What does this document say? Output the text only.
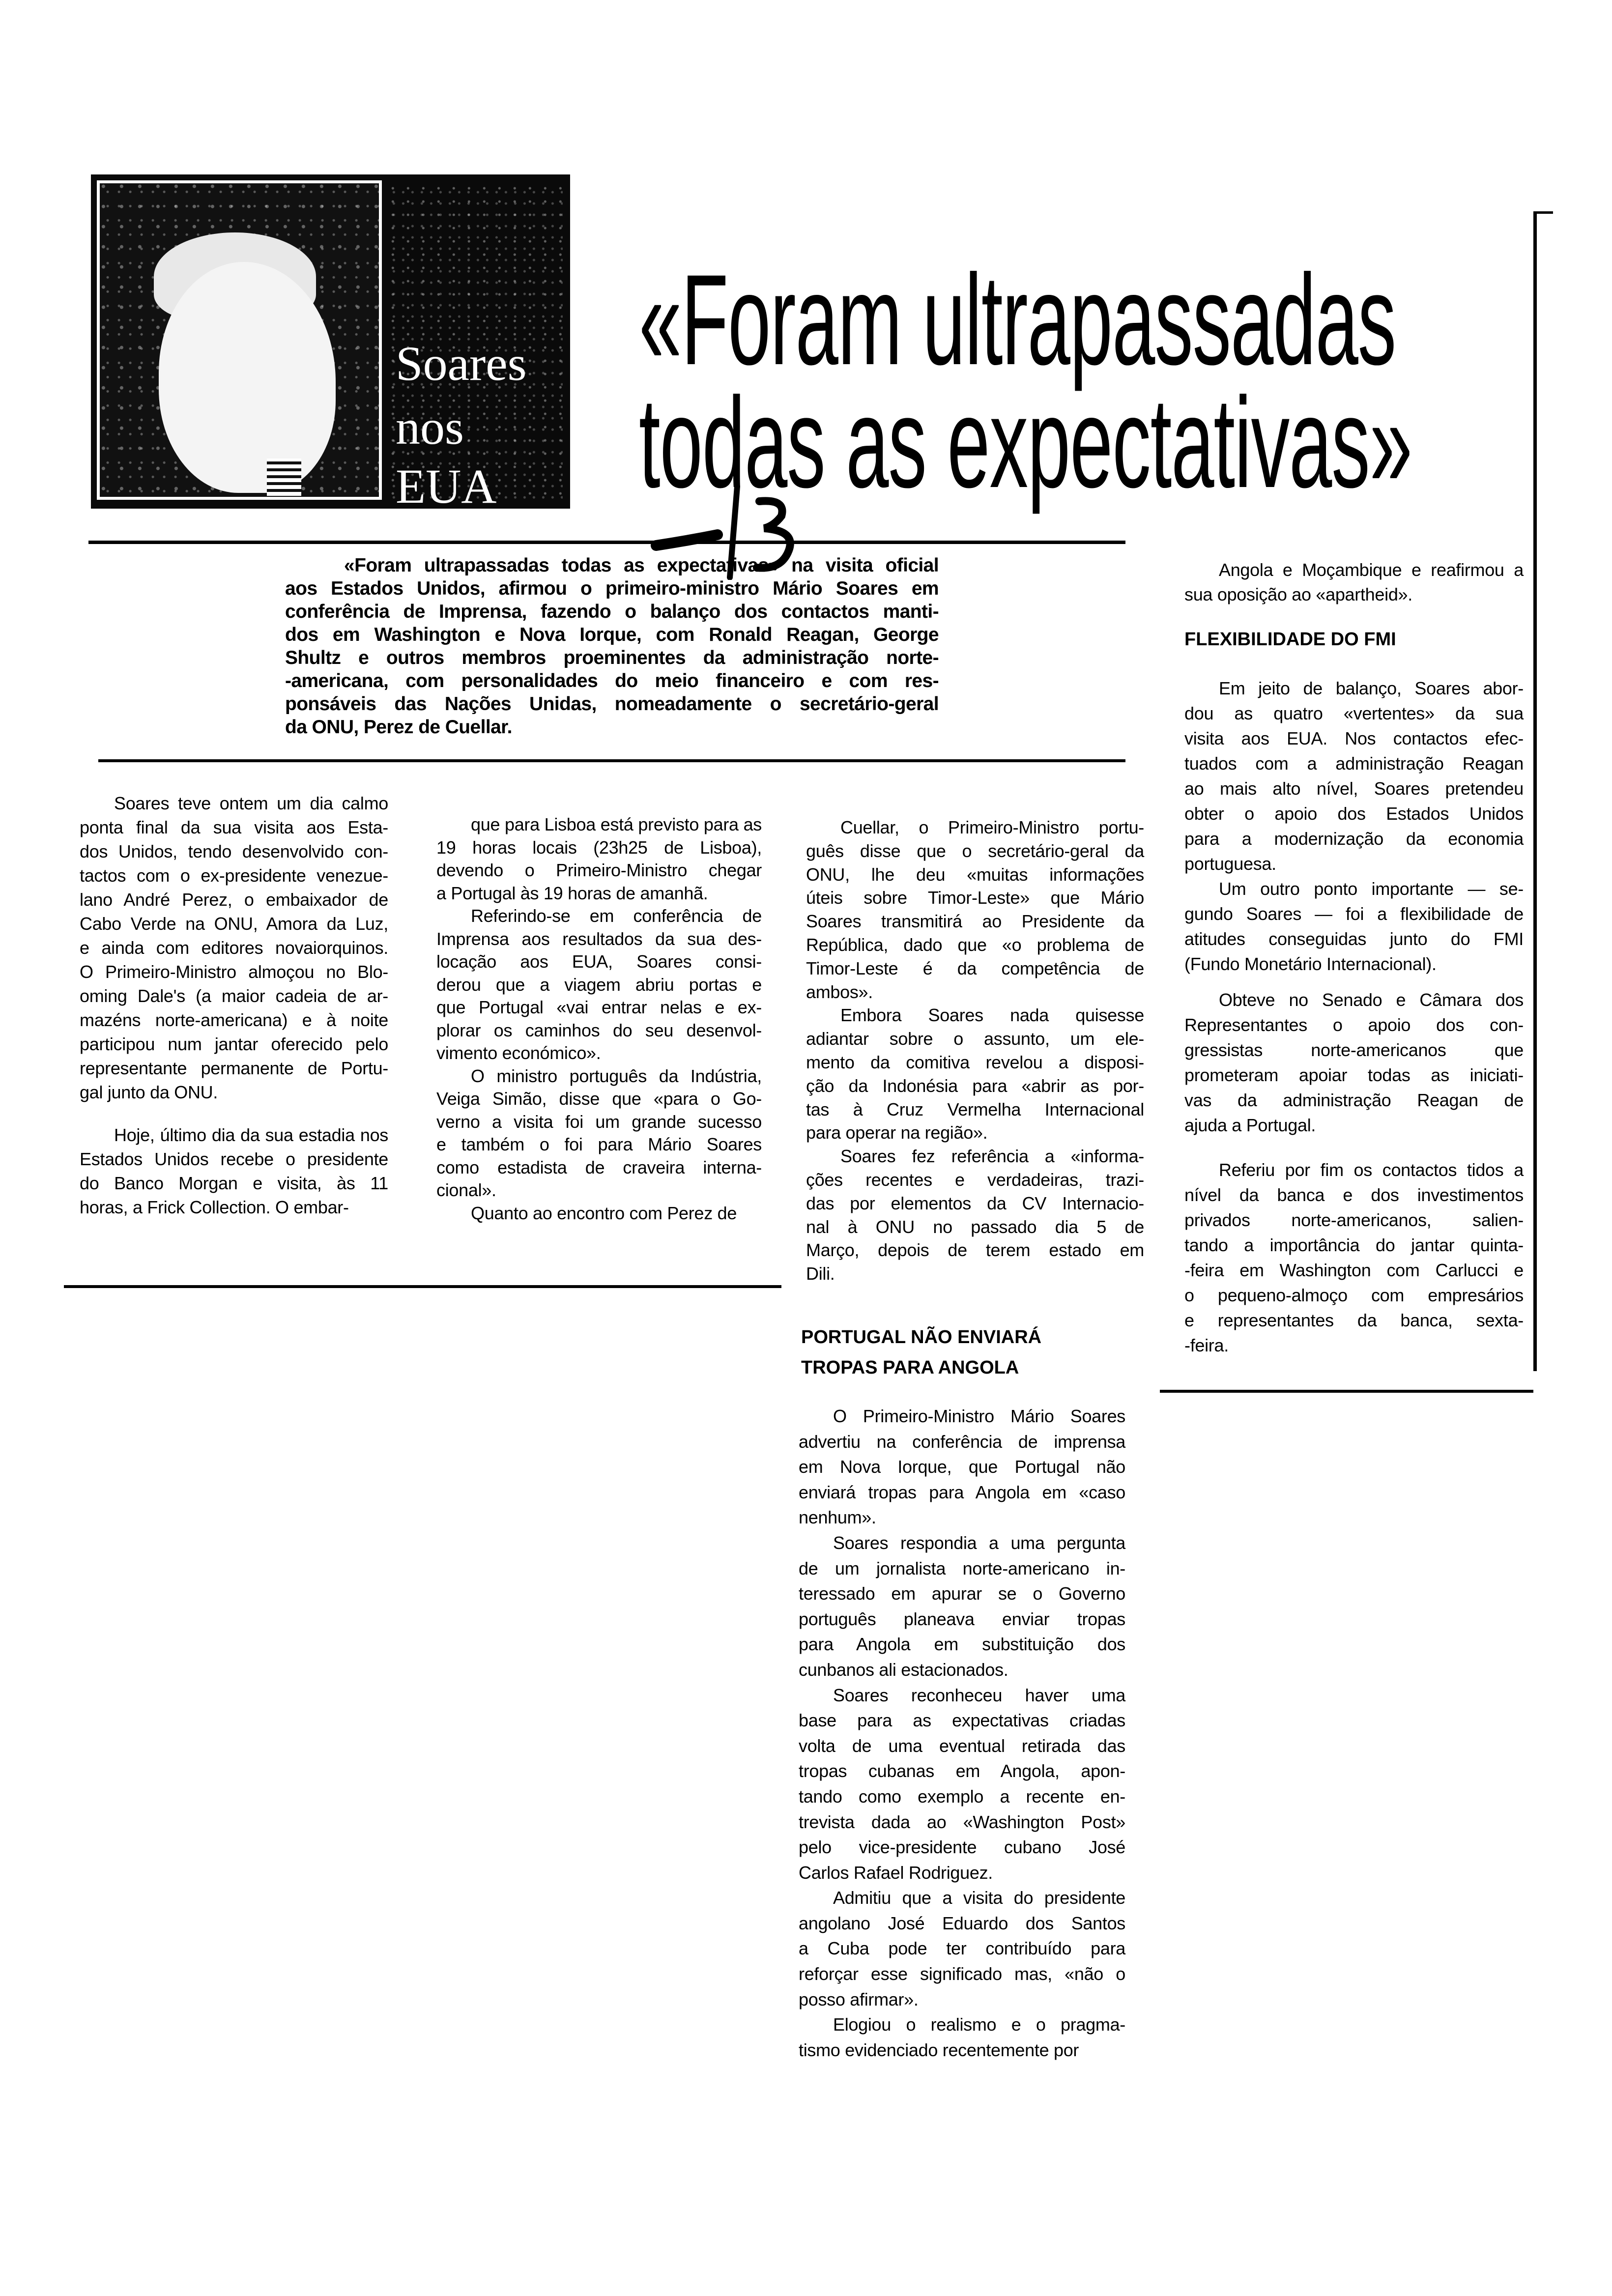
Soares
nos
EUA
«Foram ultrapassadas
todas as expectativas»
«Foram ultrapassadas todas as expectativas» na visita oficial
aos Estados Unidos, afirmou o primeiro-ministro Mário Soares em
conferência de Imprensa, fazendo o balanço dos contactos manti-
dos em Washington e Nova Iorque, com Ronald Reagan, George
Shultz e outros membros proeminentes da administração norte-
-americana, com personalidades do meio financeiro e com res-
ponsáveis das Nações Unidas, nomeadamente o secretário-geral
da ONU, Perez de Cuellar.
Soares teve ontem um dia calmo
ponta final da sua visita aos Esta-
dos Unidos, tendo desenvolvido con-
tactos com o ex-presidente venezue-
lano André Perez, o embaixador de
Cabo Verde na ONU, Amora da Luz,
e ainda com editores novaiorquinos.
O Primeiro-Ministro almoçou no Blo-
oming Dale's (a maior cadeia de ar-
mazéns norte-americana) e à noite
participou num jantar oferecido pelo
representante permanente de Portu-
gal junto da ONU.
Hoje, último dia da sua estadia nos
Estados Unidos recebe o presidente
do Banco Morgan e visita, às 11
horas, a Frick Collection. O embar-
que para Lisboa está previsto para as
19 horas locais (23h25 de Lisboa),
devendo o Primeiro-Ministro chegar
a Portugal às 19 horas de amanhã.
Referindo-se em conferência de
Imprensa aos resultados da sua des-
locação aos EUA, Soares consi-
derou que a viagem abriu portas e
que Portugal «vai entrar nelas e ex-
plorar os caminhos do seu desenvol-
vimento económico».
O ministro português da Indústria,
Veiga Simão, disse que «para o Go-
verno a visita foi um grande sucesso
e também o foi para Mário Soares
como estadista de craveira interna-
cional».
Quanto ao encontro com Perez de
Cuellar, o Primeiro-Ministro portu-
guês disse que o secretário-geral da
ONU, lhe deu «muitas informações
úteis sobre Timor-Leste» que Mário
Soares transmitirá ao Presidente da
República, dado que «o problema de
Timor-Leste é da competência de
ambos».
Embora Soares nada quisesse
adiantar sobre o assunto, um ele-
mento da comitiva revelou a disposi-
ção da Indonésia para «abrir as por-
tas à Cruz Vermelha Internacional
para operar na região».
Soares fez referência a «informa-
ções recentes e verdadeiras, trazi-
das por elementos da CV Internacio-
nal à ONU no passado dia 5 de
Março, depois de terem estado em
Dili.
PORTUGAL NÃO ENVIARÁ
TROPAS PARA ANGOLA
O Primeiro-Ministro Mário Soares
advertiu na conferência de imprensa
em Nova Iorque, que Portugal não
enviará tropas para Angola em «caso
nenhum».
Soares respondia a uma pergunta
de um jornalista norte-americano in-
teressado em apurar se o Governo
português planeava enviar tropas
para Angola em substituição dos
cunbanos ali estacionados.
Soares reconheceu haver uma
base para as expectativas criadas
volta de uma eventual retirada das
tropas cubanas em Angola, apon-
tando como exemplo a recente en-
trevista dada ao «Washington Post»
pelo vice-presidente cubano José
Carlos Rafael Rodriguez.
Admitiu que a visita do presidente
angolano José Eduardo dos Santos
a Cuba pode ter contribuído para
reforçar esse significado mas, «não o
posso afirmar».
Elogiou o realismo e o pragma-
tismo evidenciado recentemente por
Angola e Moçambique e reafirmou a
sua oposição ao «apartheid».
FLEXIBILIDADE DO FMI
Em jeito de balanço, Soares abor-
dou as quatro «vertentes» da sua
visita aos EUA. Nos contactos efec-
tuados com a administração Reagan
ao mais alto nível, Soares pretendeu
obter o apoio dos Estados Unidos
para a modernização da economia
portuguesa.
Um outro ponto importante — se-
gundo Soares — foi a flexibilidade de
atitudes conseguidas junto do FMI
(Fundo Monetário Internacional).
Obteve no Senado e Câmara dos
Representantes o apoio dos con-
gressistas norte-americanos que
prometeram apoiar todas as iniciati-
vas da administração Reagan de
ajuda a Portugal.
Referiu por fim os contactos tidos a
nível da banca e dos investimentos
privados norte-americanos, salien-
tando a importância do jantar quinta-
-feira em Washington com Carlucci e
o pequeno-almoço com empresários
e representantes da banca, sexta-
-feira.
